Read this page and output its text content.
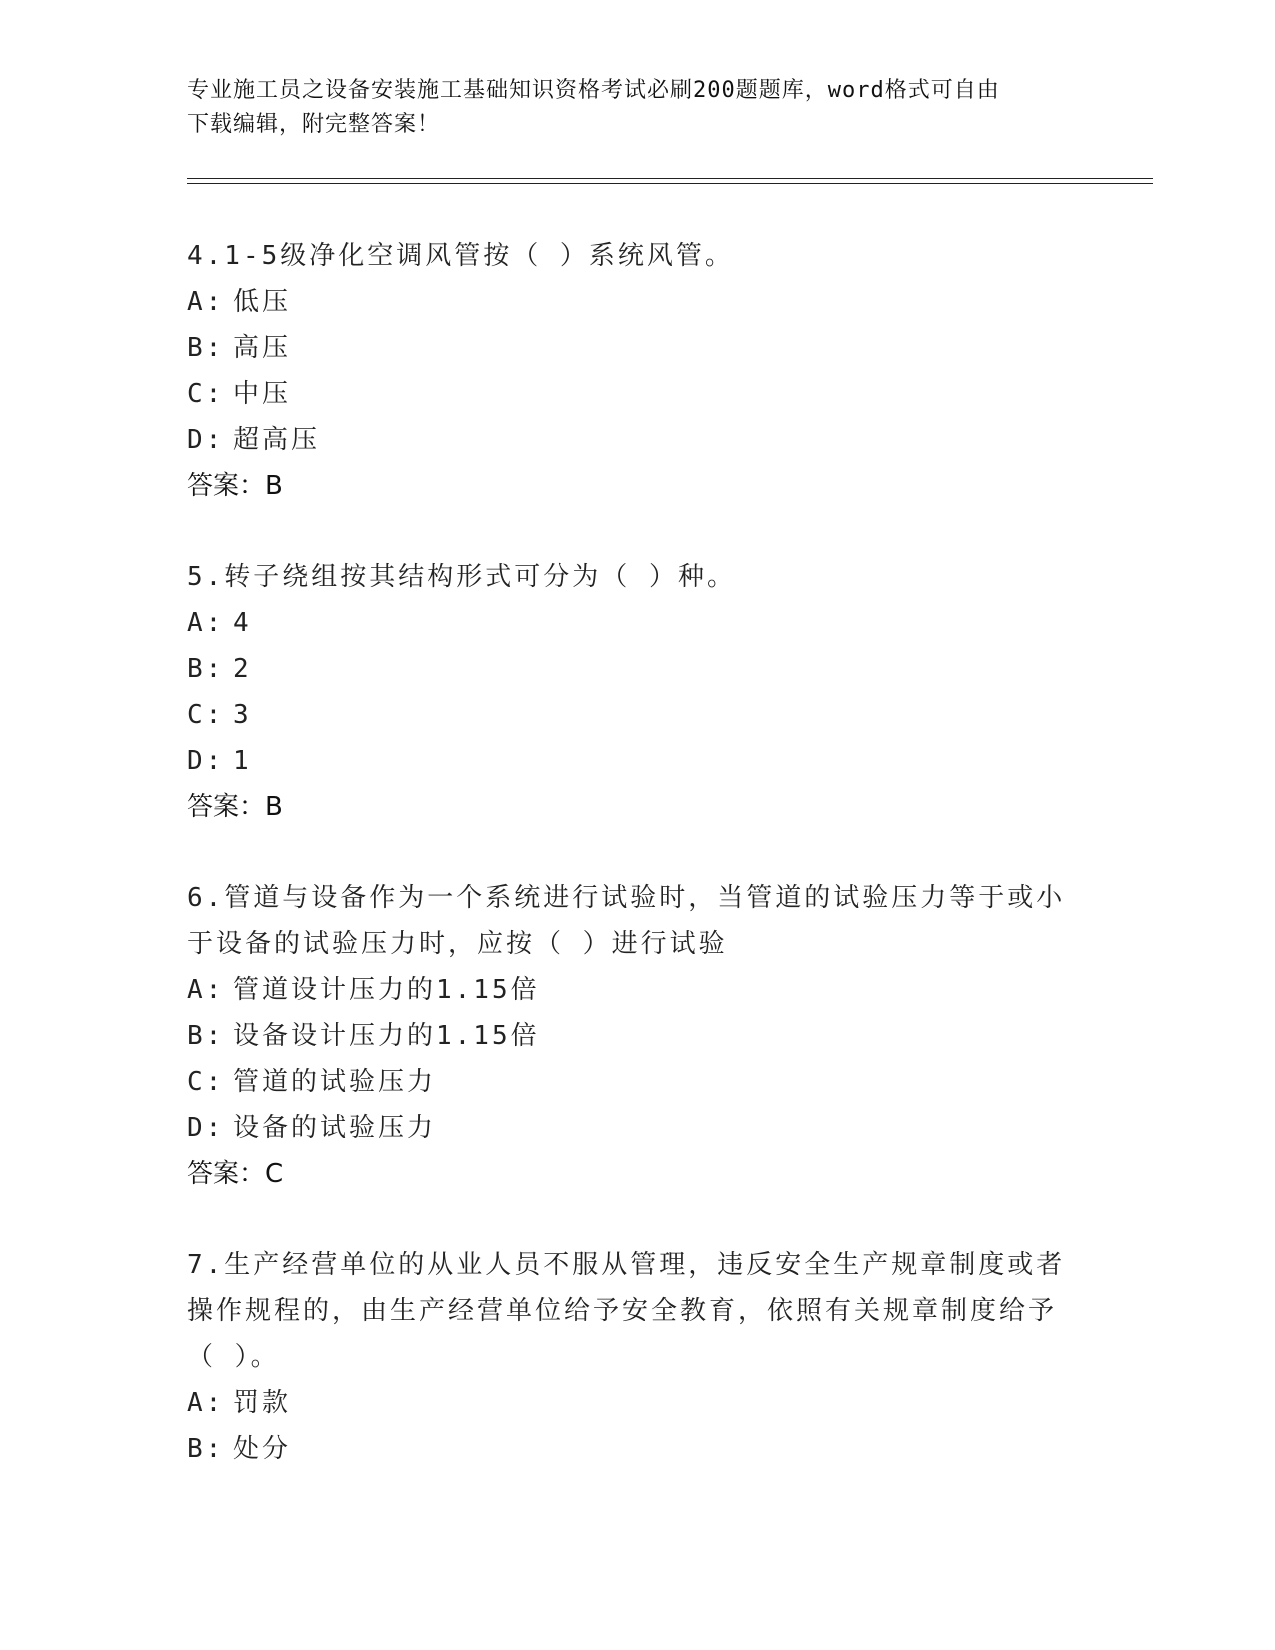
专业施工员之设备安装施工基础知识资格考试必刷200题题库，word格式可自由
下载编辑，附完整答案！

4.1-5级净化空调风管按（ ）系统风管。

A: 低压

B: 高压

C: 中压

D: 超高压

答案：B

5.转子绕组按其结构形式可分为（ ）种。

A: 4

B: 2

C: 3

D: 1

答案：B

6.管道与设备作为一个系统进行试验时，当管道的试验压力等于或小于设备的试验压力时，应按（ ）进行试验

A: 管道设计压力的1.15倍

B: 设备设计压力的1.15倍

C: 管道的试验压力

D: 设备的试验压力

答案：C

7.生产经营单位的从业人员不服从管理，违反安全生产规章制度或者操作规程的，由生产经营单位给予安全教育，依照有关规章制度给予（ ）。

A: 罚款

B: 处分
